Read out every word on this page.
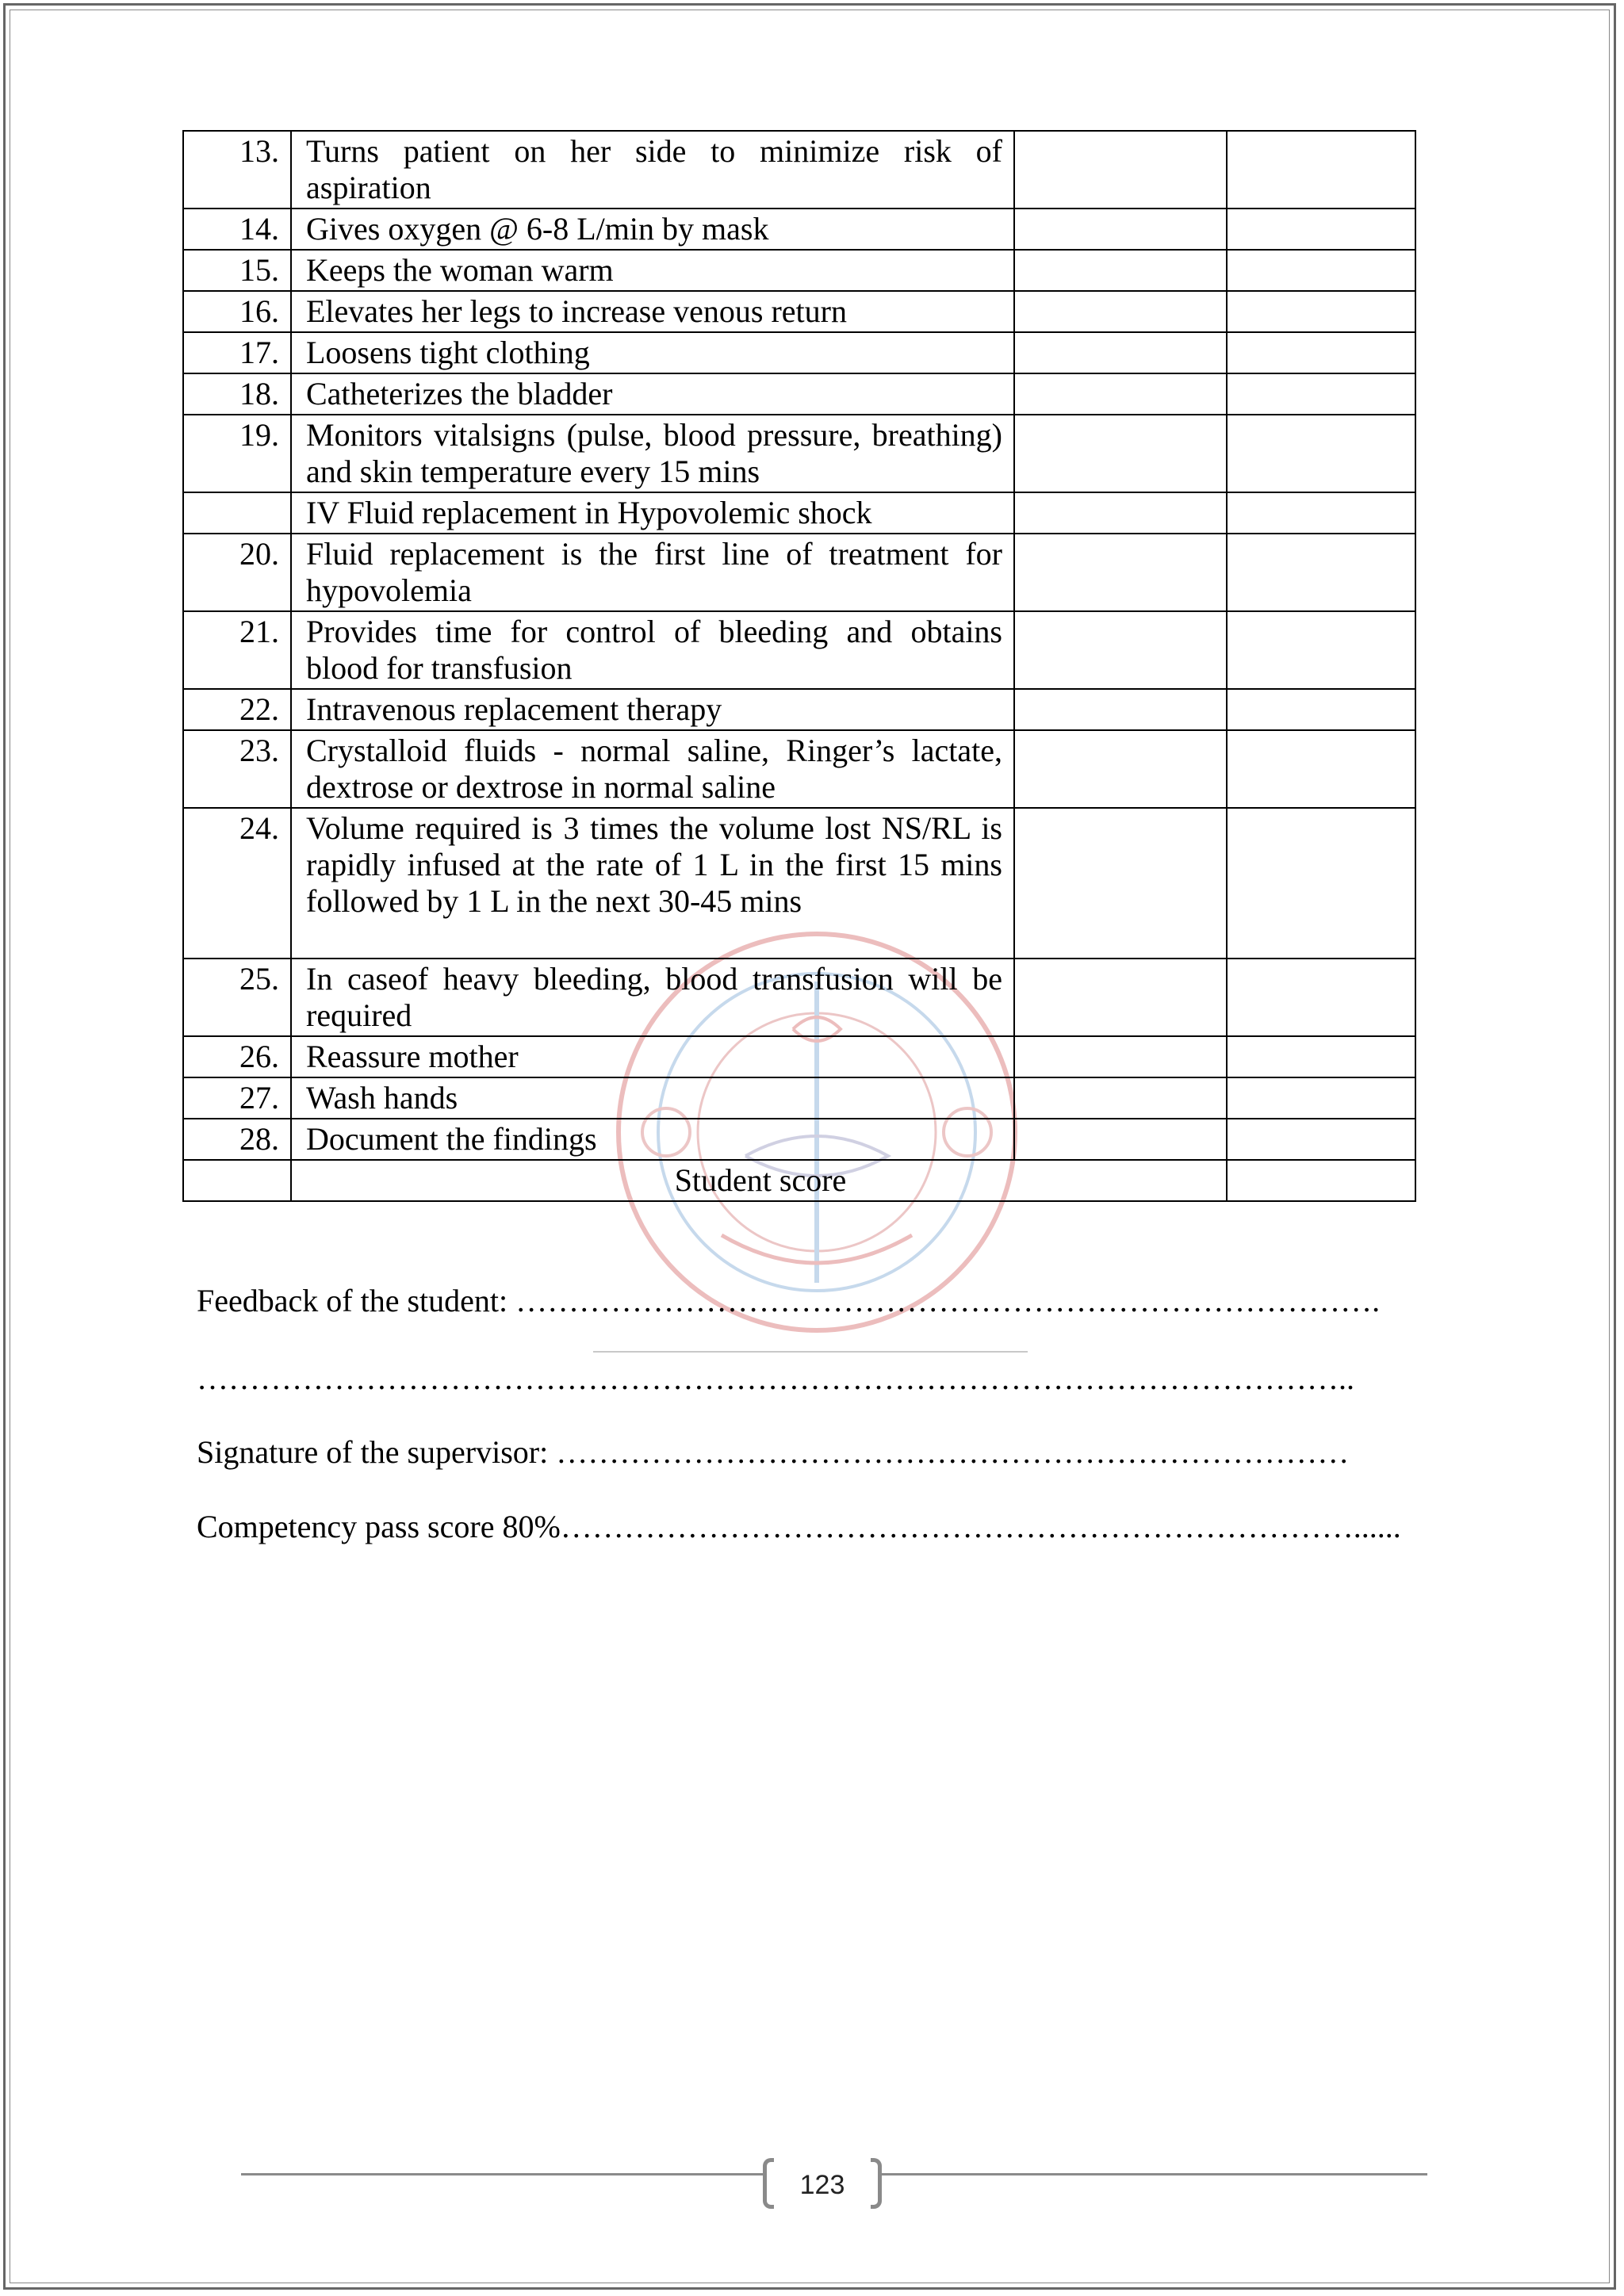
13.	Turns patient on her side to minimize risk of aspiration		
14.	Gives oxygen @ 6-8 L/min by mask		
15.	Keeps the woman warm		
16.	Elevates her legs to increase venous return		
17.	Loosens tight clothing		
18.	Catheterizes the bladder		
19.	Monitors vitalsigns (pulse, blood pressure, breathing) and skin temperature every 15 mins		
	IV Fluid replacement in Hypovolemic shock		
20.	Fluid replacement is the first line of treatment for hypovolemia		
21.	Provides time for control of bleeding and obtains blood for transfusion		
22.	Intravenous replacement therapy		
23.	Crystalloid fluids - normal saline, Ringer’s lactate, dextrose or dextrose in normal saline		
24.	Volume required is 3 times the volume lost NS/RL is rapidly infused at the rate of 1 L in the first 15 mins followed by 1 L in the next 30-45 mins		
25.	In caseof heavy bleeding, blood transfusion will be required		
26.	Reassure mother		
27.	Wash hands		
28.	Document the findings		
	Student score		
Feedback of the student: ……………………………………………………………………….
………………………………………………………………………………………………..
Signature of the supervisor: …………………………………………………………………
Competency pass score 80%…………………………………………………………………......
123
